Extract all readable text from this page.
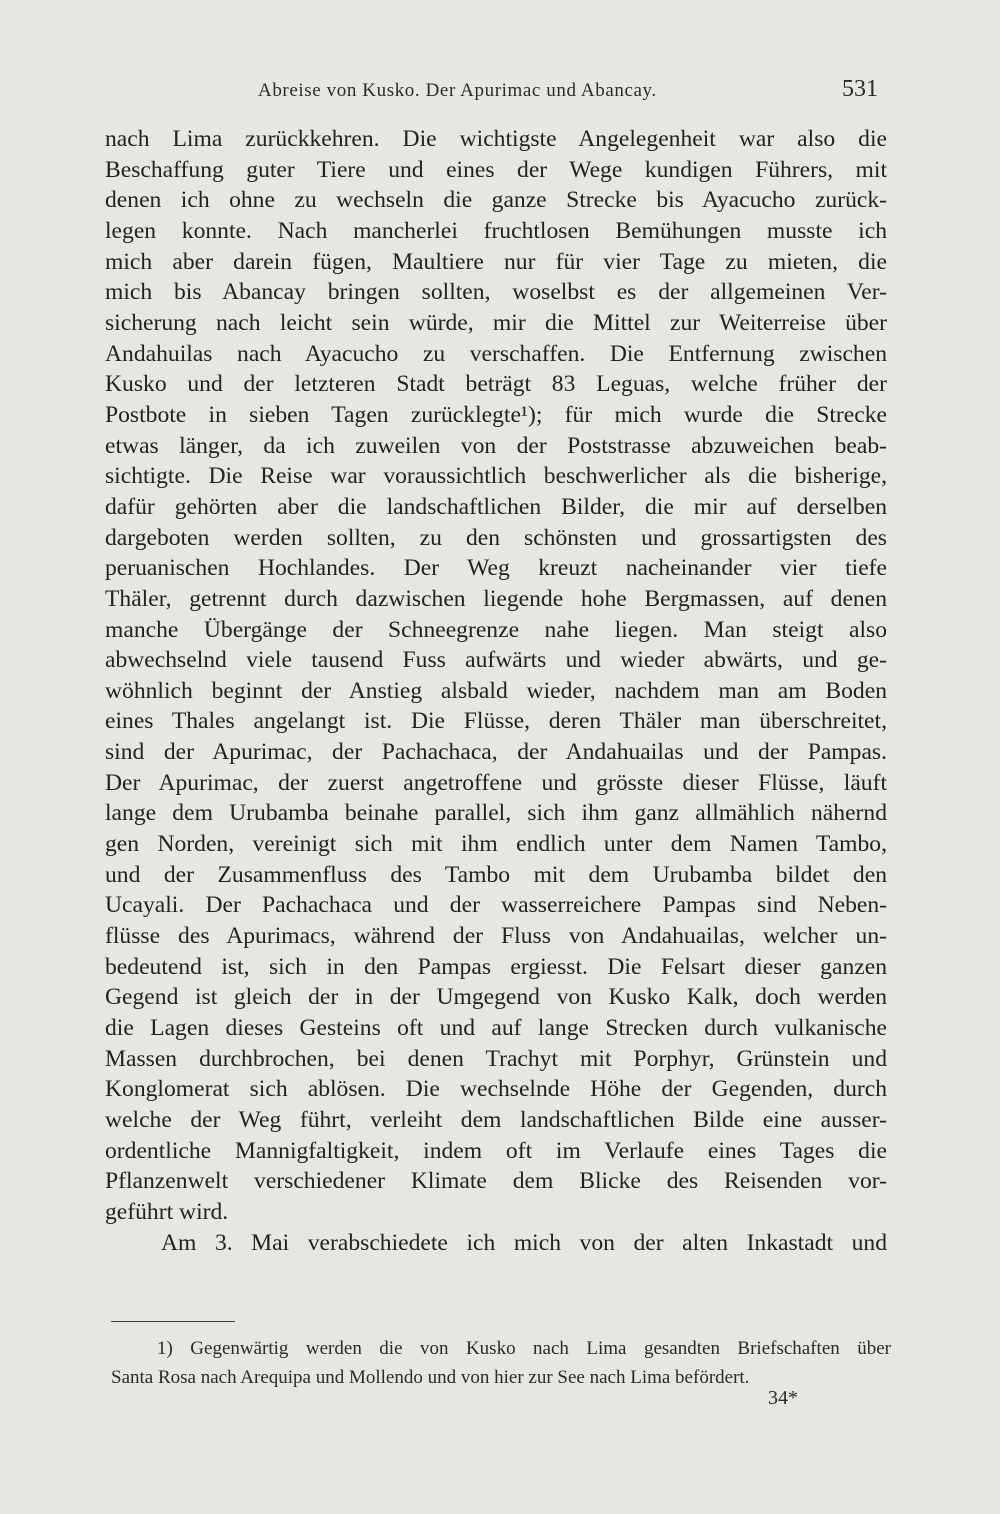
Abreise von Kusko. Der Apurimac und Abancay.	531
nach Lima zurückkehren. Die wichtigste Angelegenheit war also die
Beschaffung guter Tiere und eines der Wege kundigen Führers, mit
denen ich ohne zu wechseln die ganze Strecke bis Ayacucho zurück-
legen konnte. Nach mancherlei fruchtlosen Bemühungen musste ich
mich aber darein fügen, Maultiere nur für vier Tage zu mieten, die
mich bis Abancay bringen sollten, woselbst es der allgemeinen Ver-
sicherung nach leicht sein würde, mir die Mittel zur Weiterreise über
Andahuilas nach Ayacucho zu verschaffen. Die Entfernung zwischen
Kusko und der letzteren Stadt beträgt 83 Leguas, welche früher der
Postbote in sieben Tagen zurücklegte¹); für mich wurde die Strecke
etwas länger, da ich zuweilen von der Poststrasse abzuweichen beab-
sichtigte. Die Reise war voraussichtlich beschwerlicher als die bisherige,
dafür gehörten aber die landschaftlichen Bilder, die mir auf derselben
dargeboten werden sollten, zu den schönsten und grossartigsten des
peruanischen Hochlandes. Der Weg kreuzt nacheinander vier tiefe
Thäler, getrennt durch dazwischen liegende hohe Bergmassen, auf denen
manche Übergänge der Schneegrenze nahe liegen. Man steigt also
abwechselnd viele tausend Fuss aufwärts und wieder abwärts, und ge-
wöhnlich beginnt der Anstieg alsbald wieder, nachdem man am Boden
eines Thales angelangt ist. Die Flüsse, deren Thäler man überschreitet,
sind der Apurimac, der Pachachaca, der Andahuailas und der Pampas.
Der Apurimac, der zuerst angetroffene und grösste dieser Flüsse, läuft
lange dem Urubamba beinahe parallel, sich ihm ganz allmählich nähernd
gen Norden, vereinigt sich mit ihm endlich unter dem Namen Tambo,
und der Zusammenfluss des Tambo mit dem Urubamba bildet den
Ucayali. Der Pachachaca und der wasserreichere Pampas sind Neben-
flüsse des Apurimacs, während der Fluss von Andahuailas, welcher un-
bedeutend ist, sich in den Pampas ergiesst. Die Felsart dieser ganzen
Gegend ist gleich der in der Umgegend von Kusko Kalk, doch werden
die Lagen dieses Gesteins oft und auf lange Strecken durch vulkanische
Massen durchbrochen, bei denen Trachyt mit Porphyr, Grünstein und
Konglomerat sich ablösen. Die wechselnde Höhe der Gegenden, durch
welche der Weg führt, verleiht dem landschaftlichen Bilde eine ausser-
ordentliche Mannigfaltigkeit, indem oft im Verlaufe eines Tages die
Pflanzenwelt verschiedener Klimate dem Blicke des Reisenden vor-
geführt wird.
Am 3. Mai verabschiedete ich mich von der alten Inkastadt und
1) Gegenwärtig werden die von Kusko nach Lima gesandten Briefschaften über
Santa Rosa nach Arequipa und Mollendo und von hier zur See nach Lima befördert.
34*
